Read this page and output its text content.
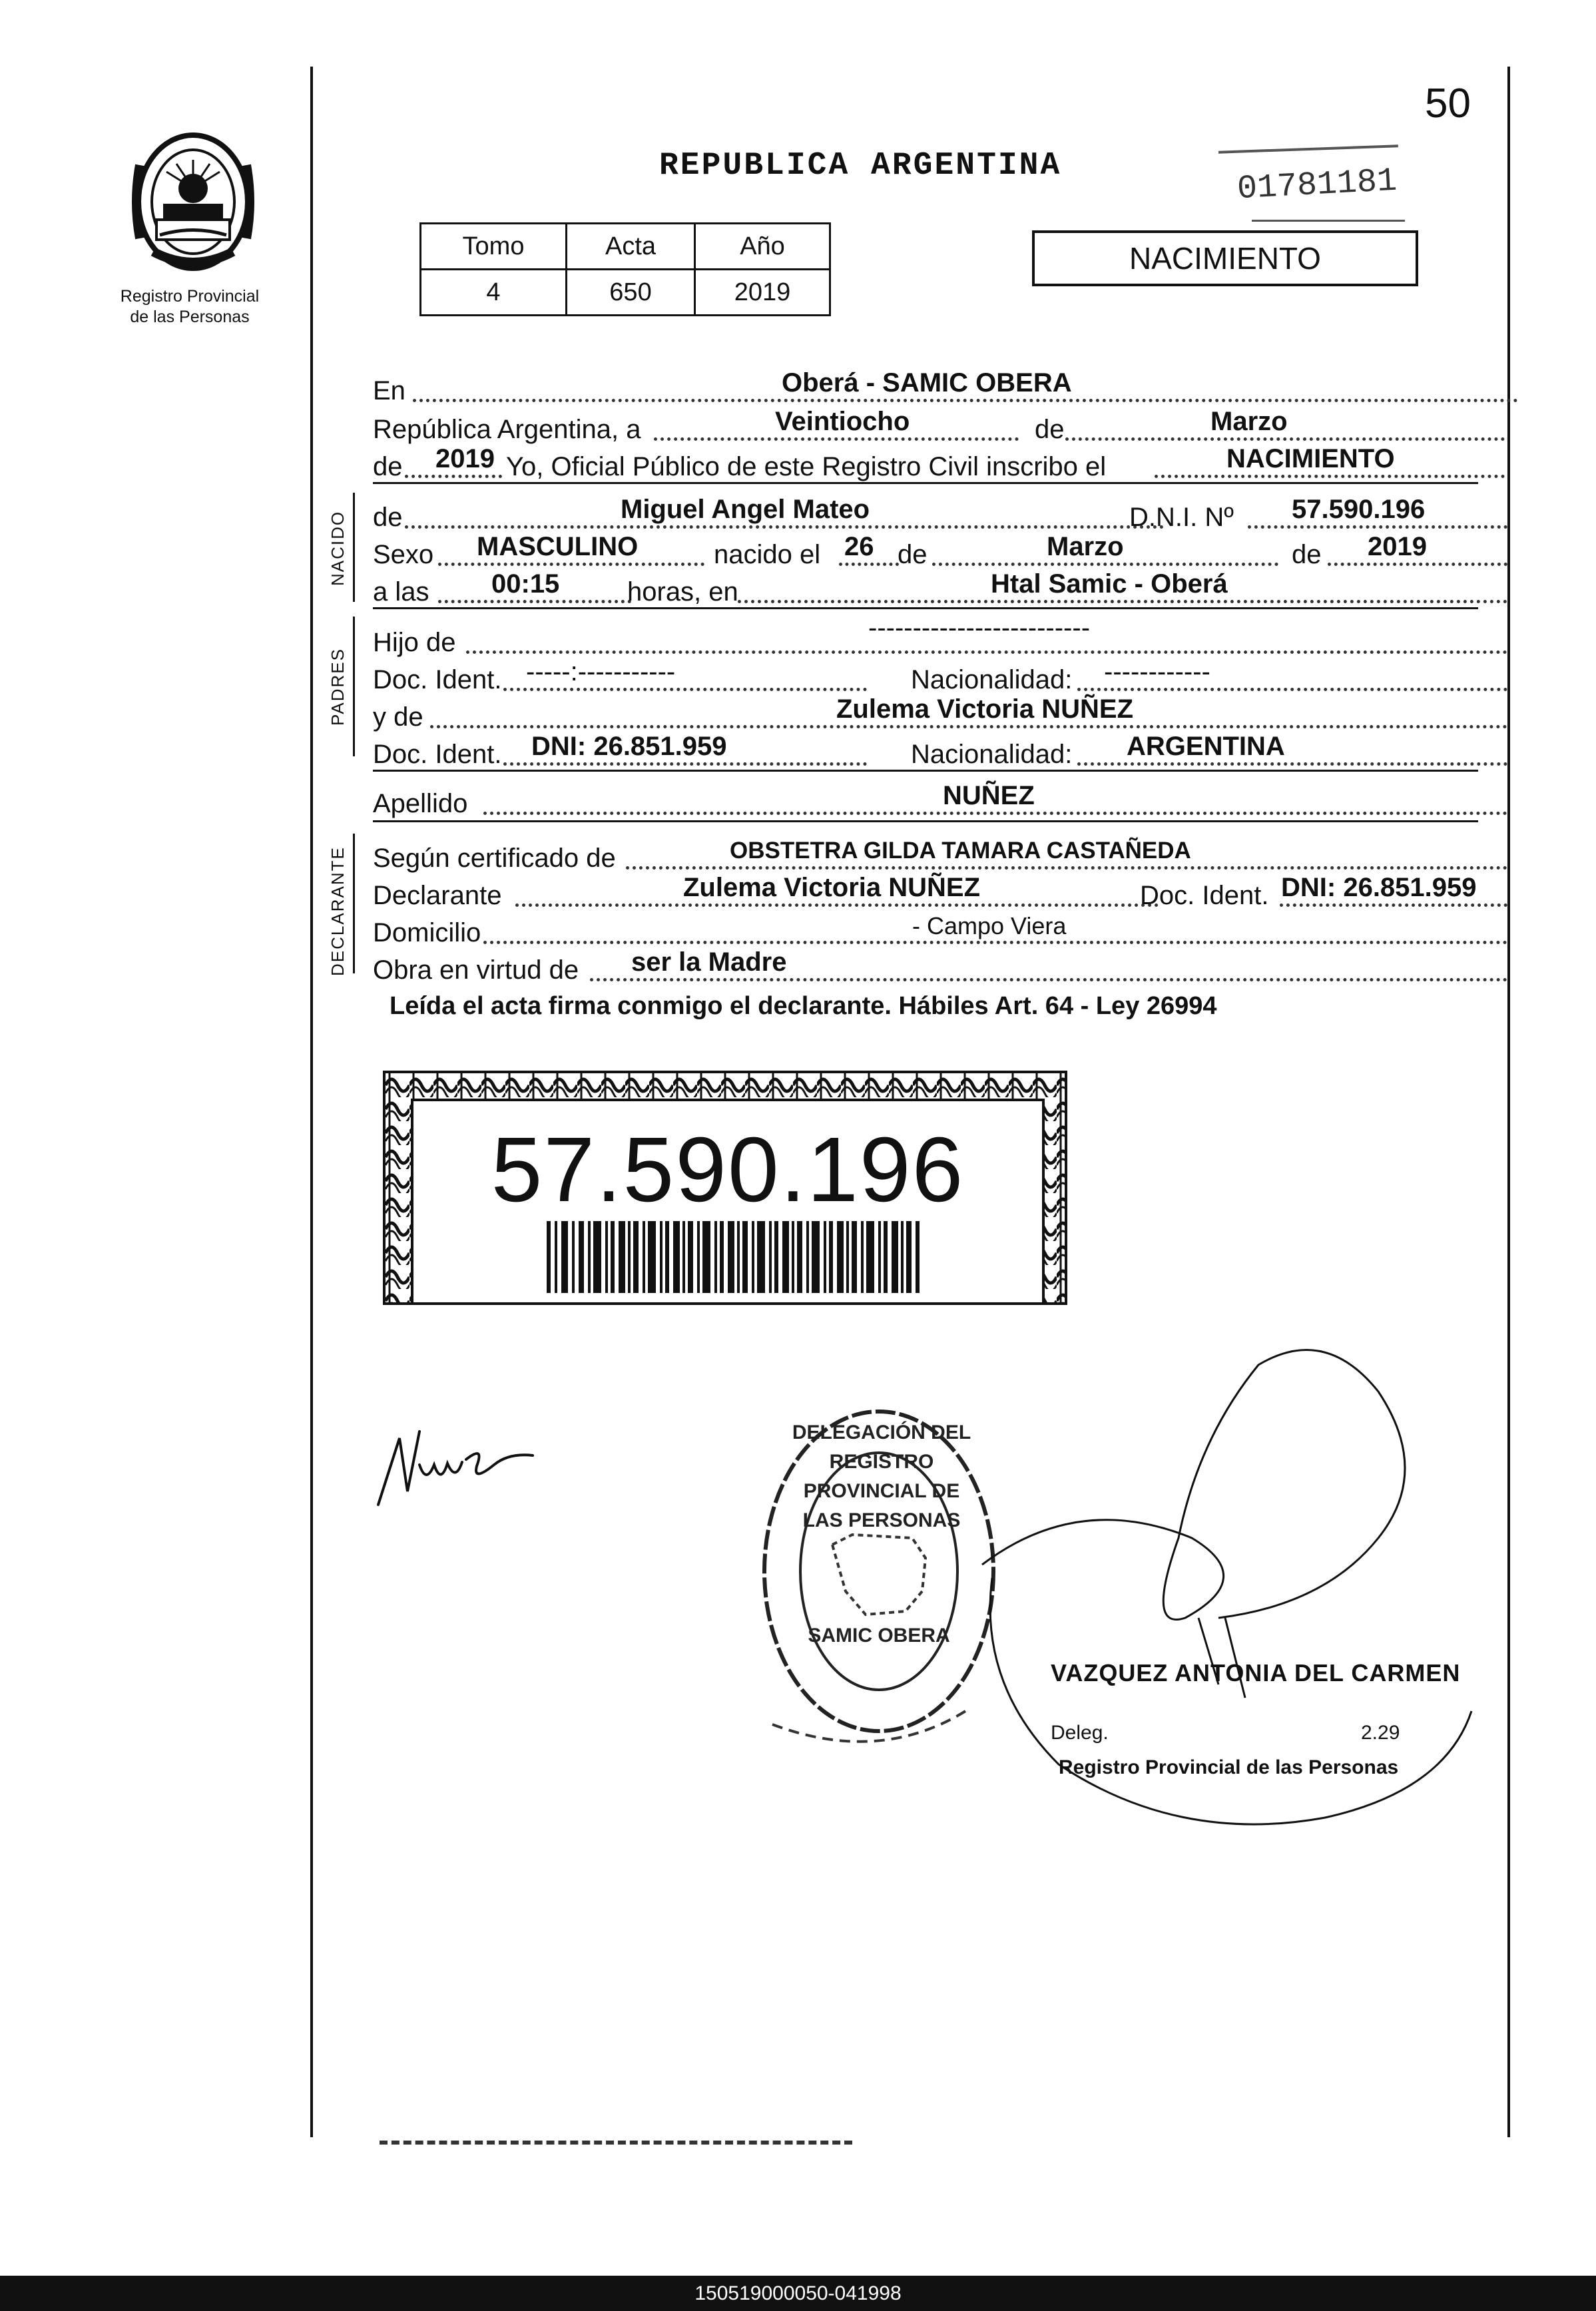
50
Registro Provincial
de las Personas
REPUBLICA ARGENTINA	01781181
NACIMIENTO
Tomo	Acta	Año
4	650	2019
En	Oberá - SAMIC OBERA
República Argentina, a	Veintiocho	de	Marzo
de 2019 Yo, Oficial Público de este Registro Civil inscribo el	NACIMIENTO
NACIDO de	Miguel Angel Mateo	D.N.I. Nº 57.590.196
Sexo MASCULINO	nacido el 26 de	Marzo	de 2019
a las 00:15	horas, en	Htal Samic - Oberá
PADRES
Hijo de	-------------------------
Doc. Ident. -----:-----------	Nacionalidad: ------------
y de	Zulema Victoria NUÑEZ
Doc. Ident. DNI: 26.851.959	Nacionalidad: ARGENTINA
Apellido	NUÑEZ
DECLARANTE Según certificado de	OBSTETRA GILDA TAMARA CASTAÑEDA
Declarante	Zulema Victoria NUÑEZ	Doc. Ident. DNI: 26.851.959
Domicilio	- Campo Viera
Obra en virtud de ser la Madre
Leída el acta firma conmigo el declarante. Hábiles Art. 64 - Ley 26994
57.590.196
DELEGACIÓN DEL REGISTRO PROVINCIAL DE LAS PERSONAS
SAMIC OBERA
VAZQUEZ ANTONIA DEL CARMEN
Deleg.	2.29
Registro Provincial de las Personas
150519000050-041998
